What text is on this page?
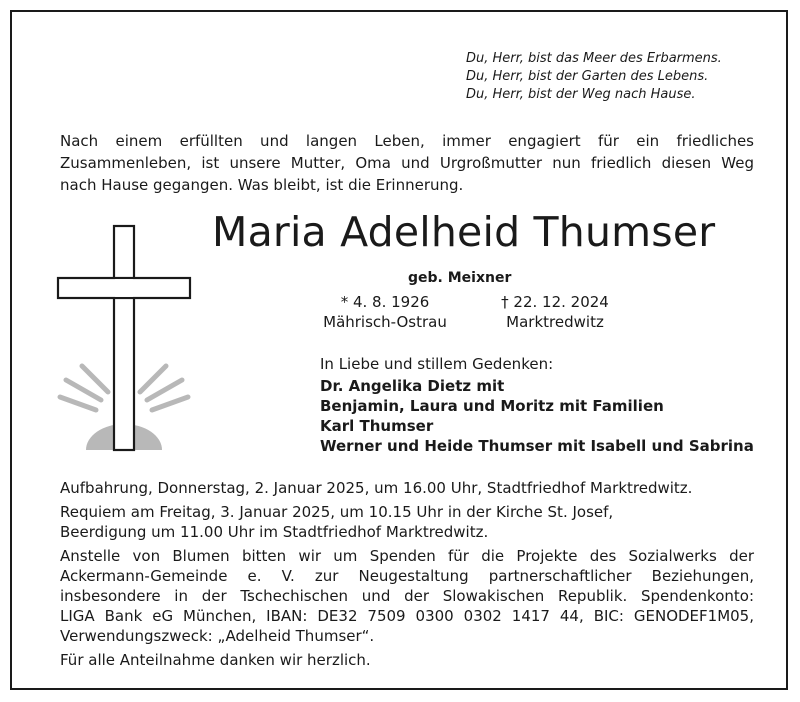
Du, Herr, bist das Meer des Erbarmens.
Du, Herr, bist der Garten des Lebens.
Du, Herr, bist der Weg nach Hause.
Nach einem erfüllten und langen Leben, immer engagiert für ein friedliches
Zusammenleben, ist unsere Mutter, Oma und Urgroßmutter nun friedlich diesen Weg
nach Hause gegangen. Was bleibt, ist die Erinnerung.
Maria Adelheid Thumser
geb. Meixner
* 4. 8. 1926
Mährisch-Ostrau
† 22. 12. 2024
Marktredwitz
In Liebe und stillem Gedenken:
Dr. Angelika Dietz mit
Benjamin, Laura und Moritz mit Familien
Karl Thumser
Werner und Heide Thumser mit Isabell und Sabrina
Aufbahrung, Donnerstag, 2. Januar 2025, um 16.00 Uhr, Stadtfriedhof Marktredwitz.
Requiem am Freitag, 3. Januar 2025, um 10.15 Uhr in der Kirche St. Josef,
Beerdigung um 11.00 Uhr im Stadtfriedhof Marktredwitz.
Anstelle von Blumen bitten wir um Spenden für die Projekte des Sozialwerks der
Ackermann-Gemeinde e. V. zur Neugestaltung partnerschaftlicher Beziehungen,
insbesondere in der Tschechischen und der Slowakischen Republik. Spendenkonto:
LIGA Bank eG München, IBAN: DE32 7509 0300 0302 1417 44, BIC: GENODEF1M05,
Verwendungszweck: „Adelheid Thumser“.
Für alle Anteilnahme danken wir herzlich.
